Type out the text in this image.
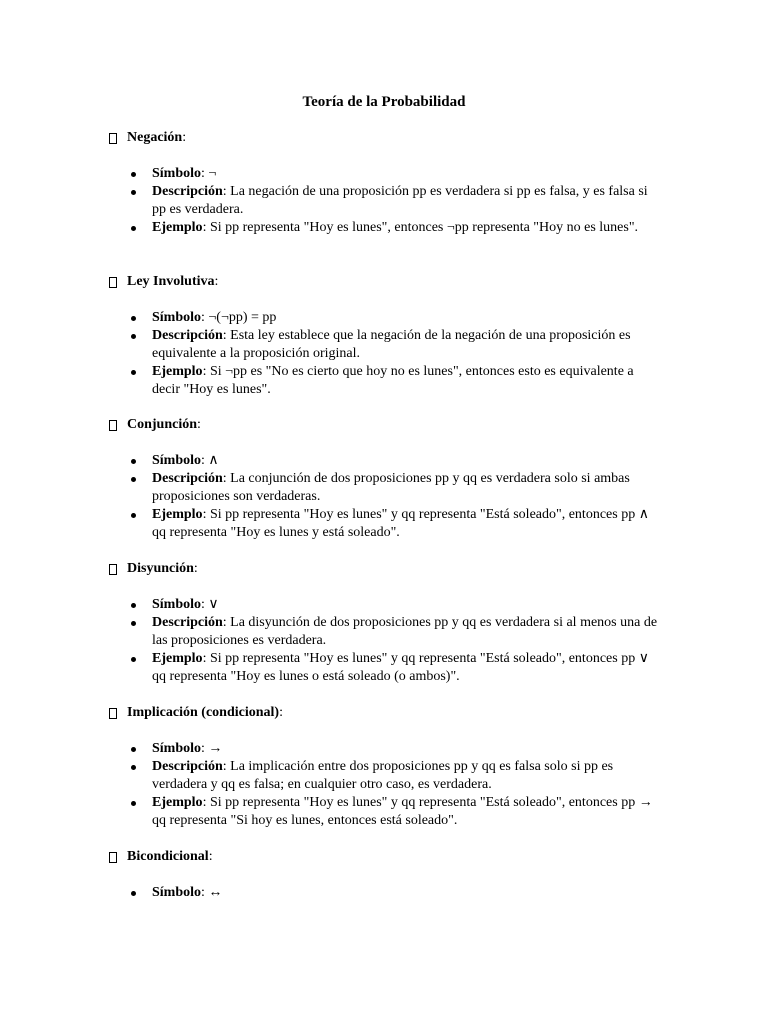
Teoría de la Probabilidad
Negación :
Símbolo: ¬
Descripción: La negación de una proposición pp es verdadera si pp es falsa, y es falsa si pp es verdadera.
Ejemplo: Si pp representa "Hoy es lunes", entonces ¬pp representa "Hoy no es lunes".
Ley Involutiva :
Símbolo: ¬(¬pp) = pp
Descripción: Esta ley establece que la negación de la negación de una proposición es equivalente a la proposición original.
Ejemplo: Si ¬pp es "No es cierto que hoy no es lunes", entonces esto es equivalente a decir "Hoy es lunes".
Conjunción :
Símbolo: ∧
Descripción: La conjunción de dos proposiciones pp y qq es verdadera solo si ambas proposiciones son verdaderas.
Ejemplo: Si pp representa "Hoy es lunes" y qq representa "Está soleado", entonces pp ∧ qq representa "Hoy es lunes y está soleado".
Disyunción :
Símbolo: ∨
Descripción: La disyunción de dos proposiciones pp y qq es verdadera si al menos una de las proposiciones es verdadera.
Ejemplo: Si pp representa "Hoy es lunes" y qq representa "Está soleado", entonces pp ∨ qq representa "Hoy es lunes o está soleado (o ambos)".
Implicación (condicional) :
Símbolo: →
Descripción: La implicación entre dos proposiciones pp y qq es falsa solo si pp es verdadera y qq es falsa; en cualquier otro caso, es verdadera.
Ejemplo: Si pp representa "Hoy es lunes" y qq representa "Está soleado", entonces pp → qq representa "Si hoy es lunes, entonces está soleado".
Bicondicional :
Símbolo: ↔
